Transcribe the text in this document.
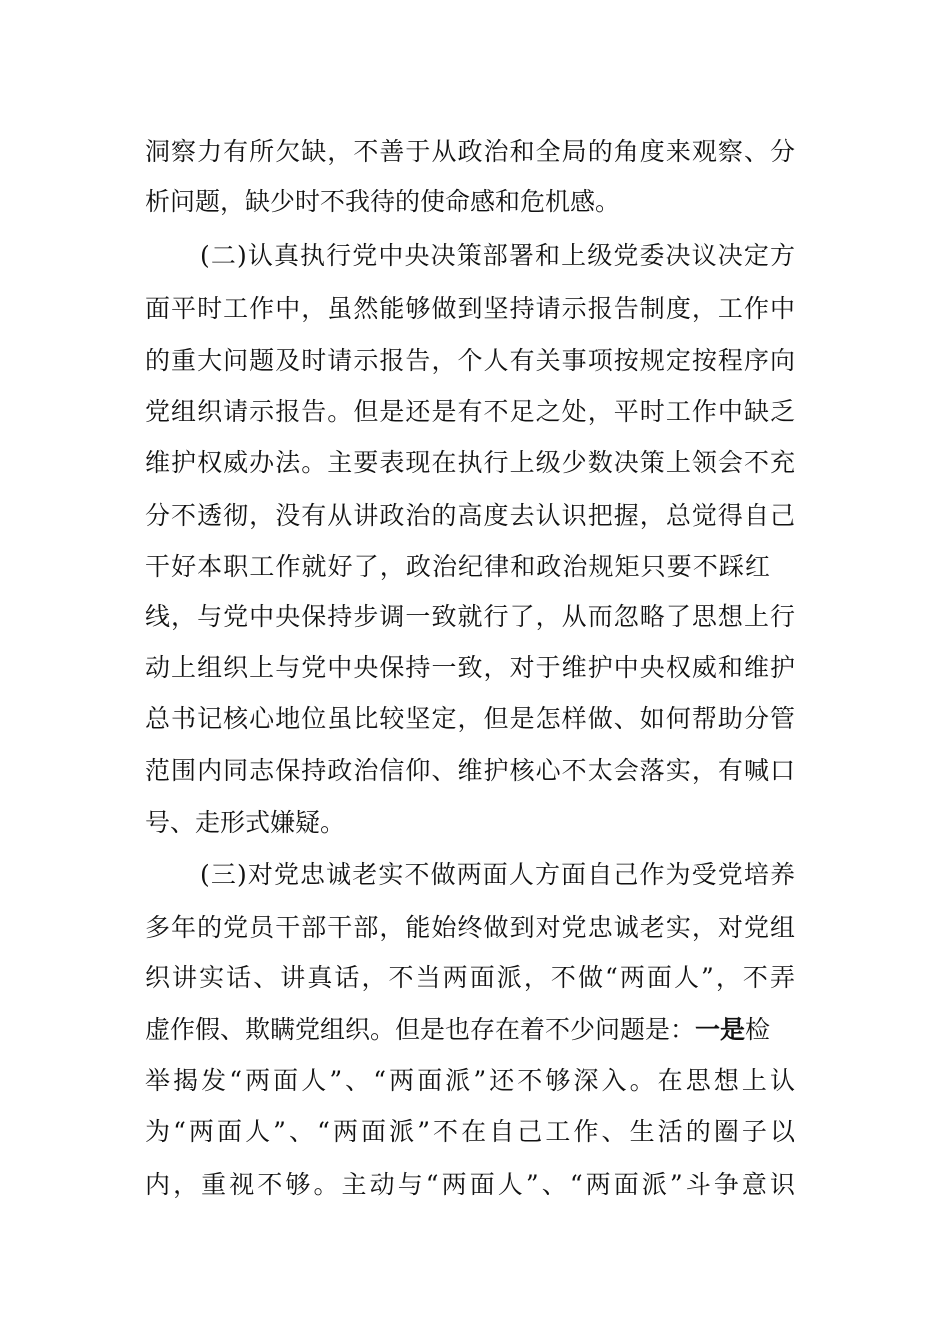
洞察力有所欠缺，不善于从政治和全局的角度来观察、分
析问题，缺少时不我待的使命感和危机感。
(二)认真执行党中央决策部署和上级党委决议决定方
面平时工作中，虽然能够做到坚持请示报告制度，工作中
的重大问题及时请示报告，个人有关事项按规定按程序向
党组织请示报告。但是还是有不足之处，平时工作中缺乏
维护权威办法。主要表现在执行上级少数决策上领会不充
分不透彻，没有从讲政治的高度去认识把握，总觉得自己
干好本职工作就好了，政治纪律和政治规矩只要不踩红
线，与党中央保持步调一致就行了，从而忽略了思想上行
动上组织上与党中央保持一致，对于维护中央权威和维护
总书记核心地位虽比较坚定，但是怎样做、如何帮助分管
范围内同志保持政治信仰、维护核心不太会落实，有喊口
号、走形式嫌疑。
(三)对党忠诚老实不做两面人方面自己作为受党培养
多年的党员干部干部，能始终做到对党忠诚老实，对党组
织讲实话、讲真话，不当两面派，不做“两面人”，不弄
虚作假、欺瞒党组织。但是也存在着不少问题是：一是检
举揭发“两面人”、“两面派”还不够深入。在思想上认
为“两面人”、“两面派”不在自己工作、生活的圈子以
内，重视不够。主动与“两面人”、“两面派”斗争意识
